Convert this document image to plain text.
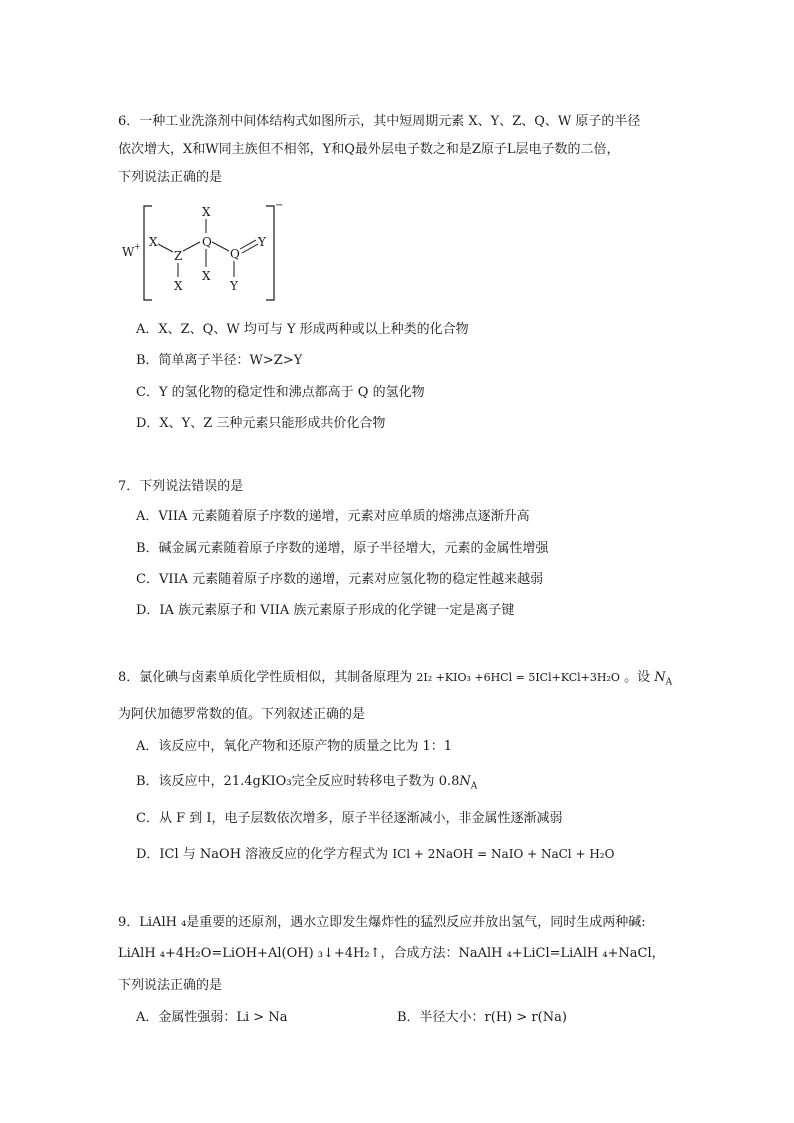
6．一种工业洗涤剂中间体结构式如图所示，其中短周期元素 X、Y、Z、Q、W 原子的半径
依次增大，X和W同主族但不相邻，Y和Q最外层电子数之和是Z原子L层电子数的二倍，
下列说法正确的是
W +
−
X
Z
X
X
Q
X
Q
Y
Y
A．X、Z、Q、W 均可与 Y 形成两种或以上种类的化合物
B．简单离子半径：W>Z>Y
C．Y 的氢化物的稳定性和沸点都高于 Q 的氢化物
D．X、Y、Z 三种元素只能形成共价化合物
7．下列说法错误的是
A．VIIA 元素随着原子序数的递增，元素对应单质的熔沸点逐渐升高
B．碱金属元素随着原子序数的递增，原子半径增大，元素的金属性增强
C．VIIA 元素随着原子序数的递增，元素对应氢化物的稳定性越来越弱
D．IA 族元素原子和 VIIA 族元素原子形成的化学键一定是离子键
8．氯化碘与卤素单质化学性质相似，其制备原理为 2I₂ +KIO₃ +6HCl = 5ICl+KCl+3H₂O 。设 $N_A$
为阿伏加德罗常数的值。下列叙述正确的是
A．该反应中，氧化产物和还原产物的质量之比为 1：1
B．该反应中，21.4gKIO₃完全反应时转移电子数为 $0.8N_A$
C．从 F 到 I，电子层数依次增多，原子半径逐渐减小，非金属性逐渐减弱
D．ICl 与 NaOH 溶液反应的化学方程式为 ICl + 2NaOH = NaIO + NaCl + H₂O
9．LiAlH ₄是重要的还原剂，遇水立即发生爆炸性的猛烈反应并放出氢气，同时生成两种碱:
LiAlH ₄+4H₂O=LiOH+Al(OH) ₃↓+4H₂↑，合成方法：NaAlH ₄+LiCl=LiAlH ₄+NaCl，
下列说法正确的是
A．金属性强弱：Li > Na	B．半径大小：r(H) > r(Na)
